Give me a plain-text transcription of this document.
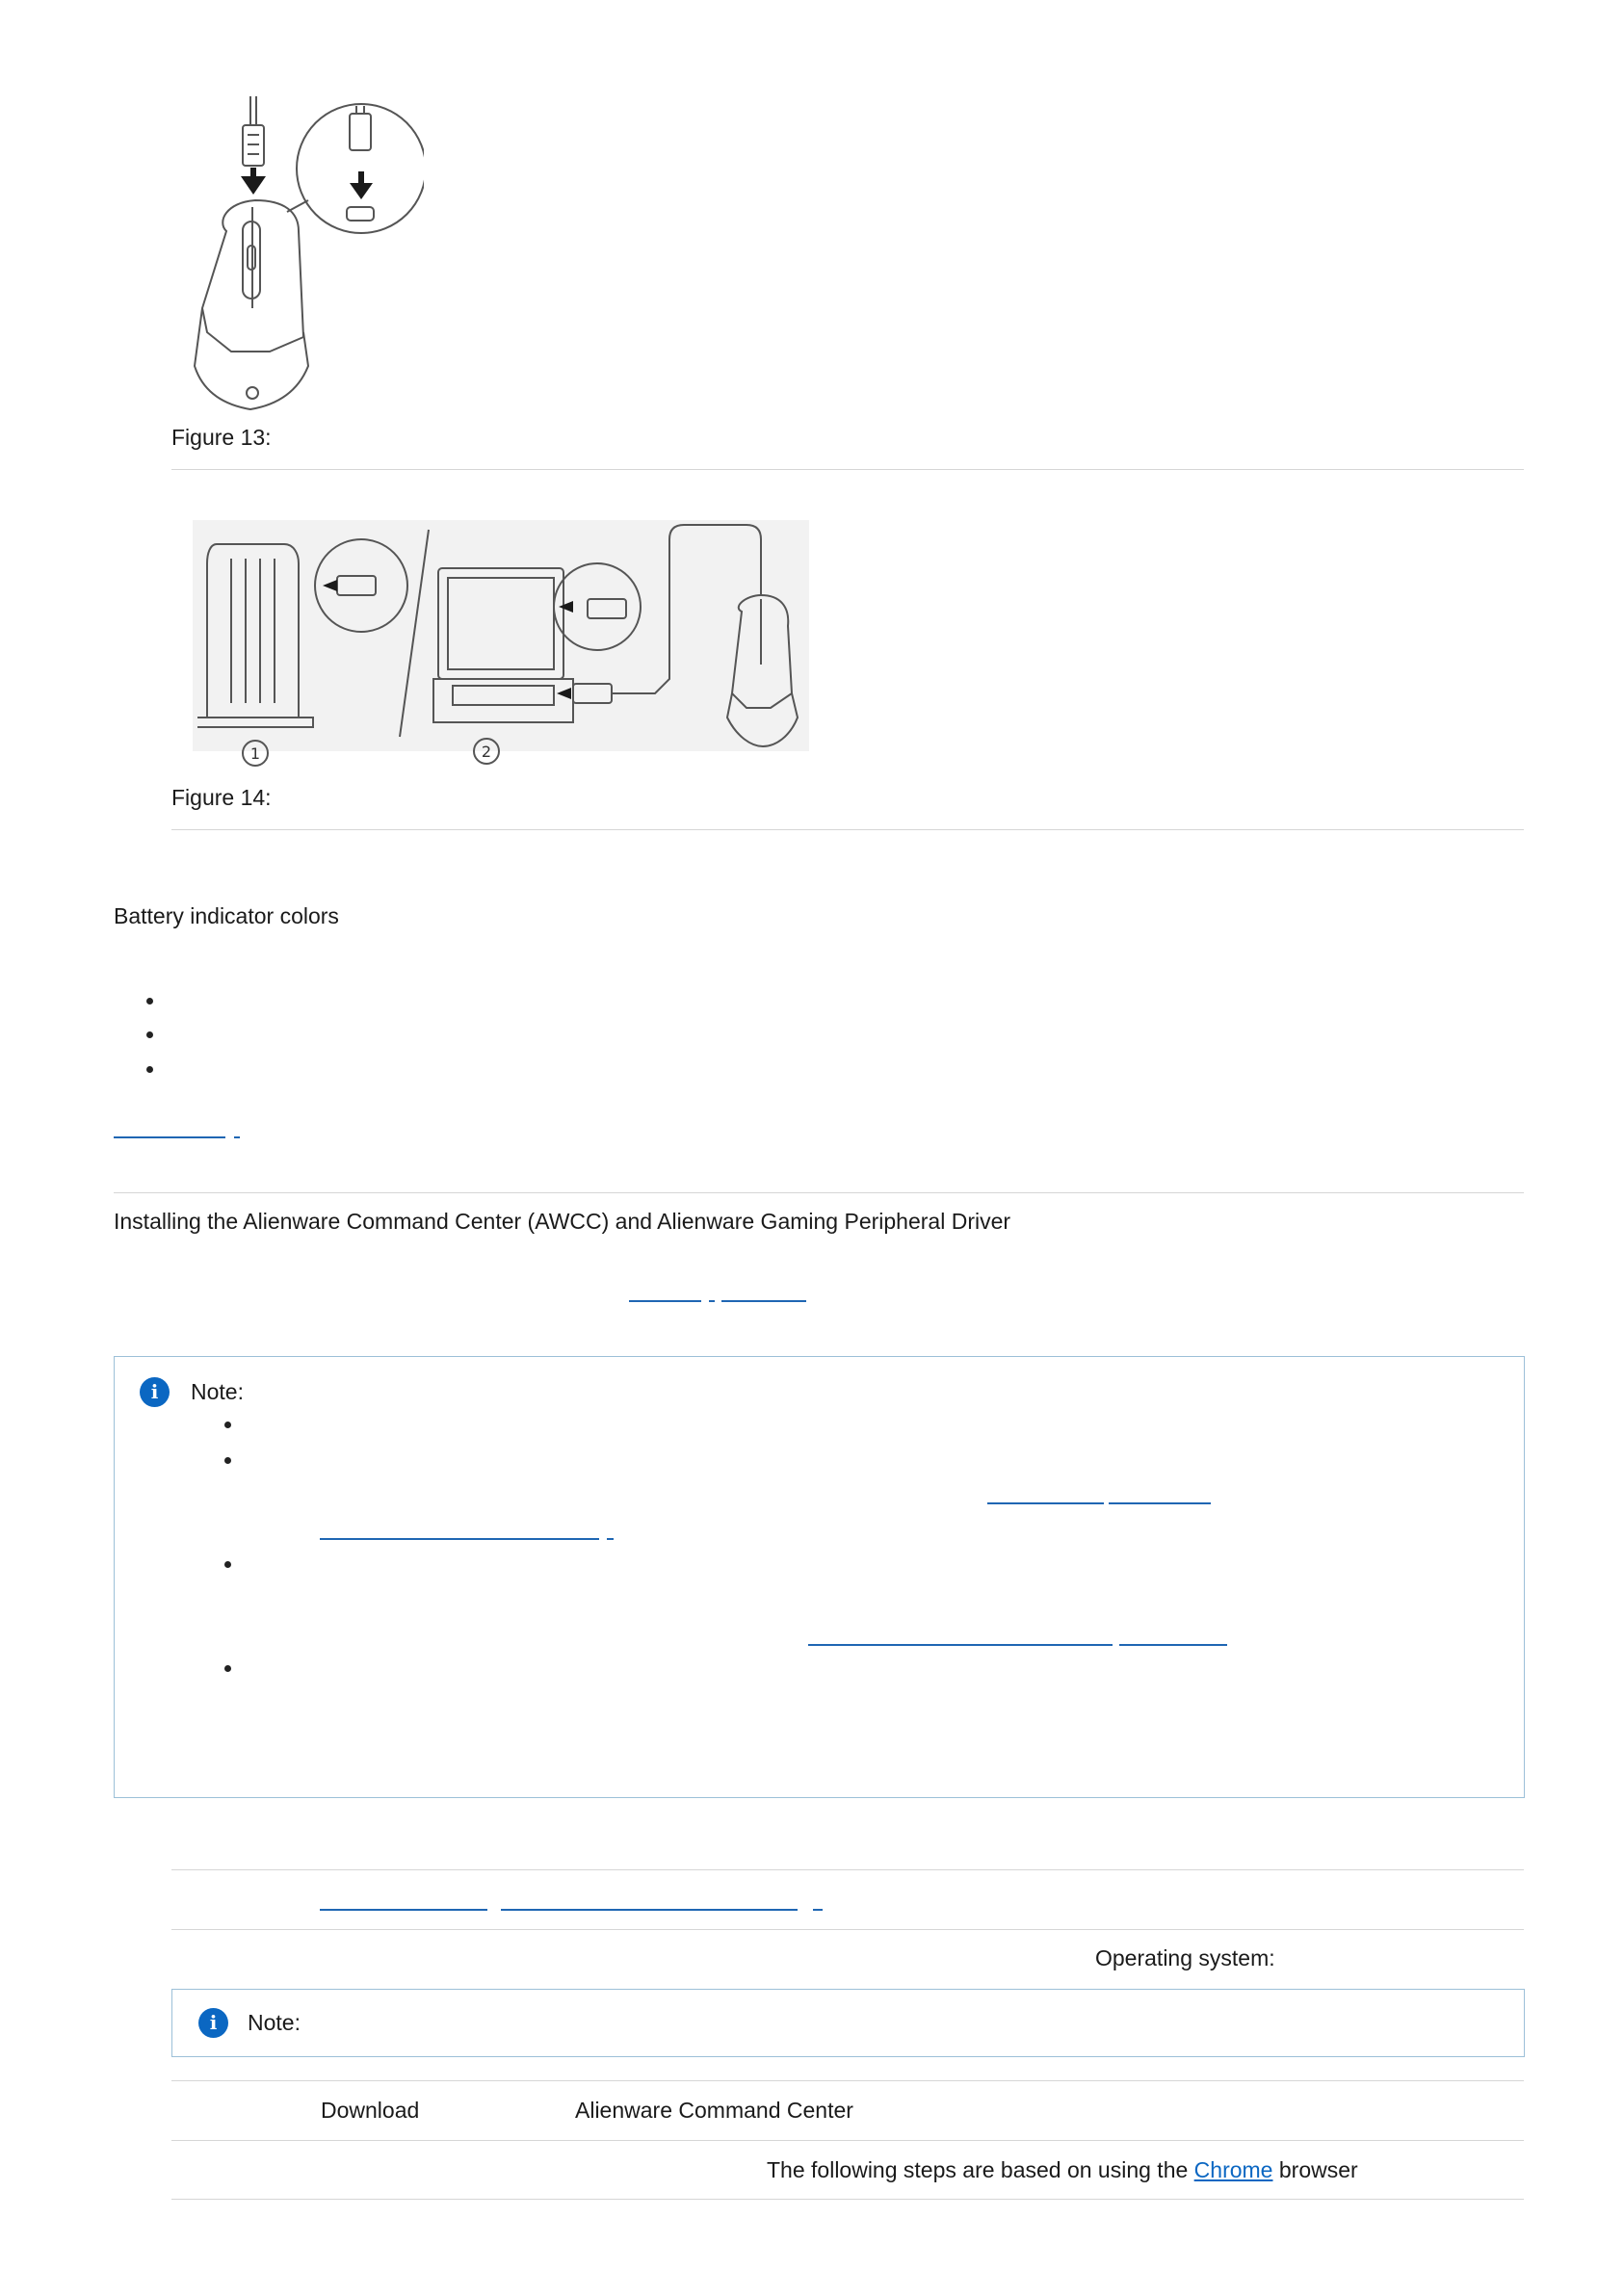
Figure 13:
1	2
Figure 14:
Battery indicator colors
Installing the Alienware Command Center (AWCC) and Alienware Gaming Peripheral Driver
i	Note:
Operating system:
i	Note:
Download	Alienware Command Center
The following steps are based on using the Chrome browser
